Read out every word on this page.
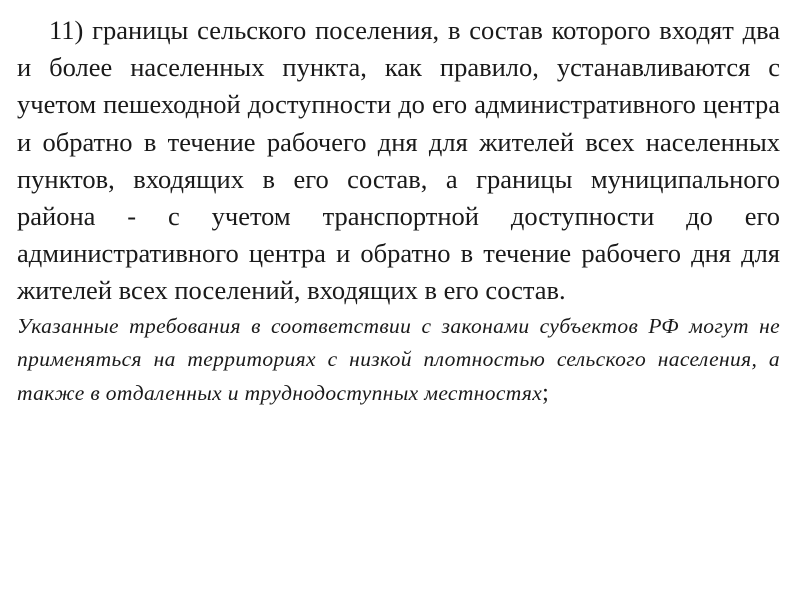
11) границы сельского поселения, в состав которого входят два и более населенных пункта, как правило, устанавливаются с учетом пешеходной доступности до его административного центра и обратно в течение рабочего дня для жителей всех населенных пунктов, входящих в его состав, а границы муниципального района - с учетом транспортной доступности до его административного центра и обратно в течение рабочего дня для жителей всех поселений, входящих в его состав.

Указанные требования в соответствии с законами субъектов РФ могут не применяться на территориях с низкой плотностью сельского населения, а также в отдаленных и труднодоступных местностях;
